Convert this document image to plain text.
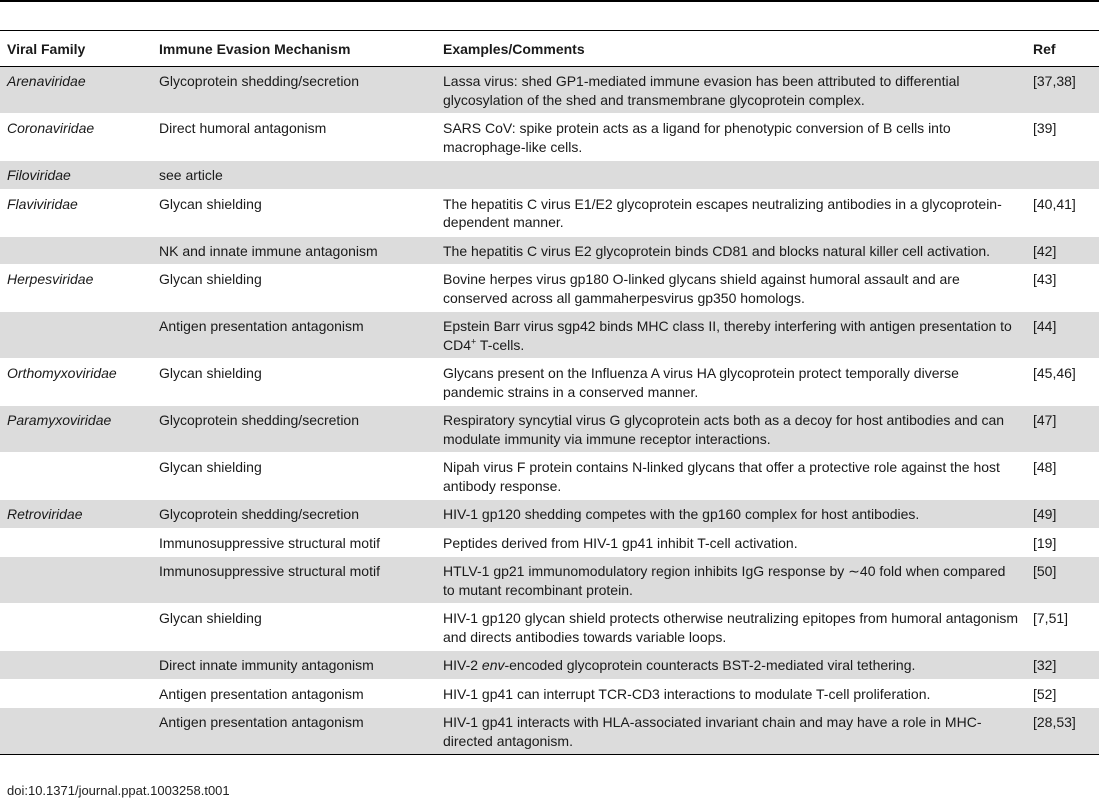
Viral Family	Immune Evasion Mechanism	Examples/Comments	Ref
Arenaviridae	Glycoprotein shedding/secretion	Lassa virus: shed GP1-mediated immune evasion has been attributed to differential glycosylation of the shed and transmembrane glycoprotein complex.	[37,38]
Coronaviridae	Direct humoral antagonism	SARS CoV: spike protein acts as a ligand for phenotypic conversion of B cells into macrophage-like cells.	[39]
Filoviridae	see article		
Flaviviridae	Glycan shielding	The hepatitis C virus E1/E2 glycoprotein escapes neutralizing antibodies in a glycoprotein-dependent manner.	[40,41]
	NK and innate immune antagonism	The hepatitis C virus E2 glycoprotein binds CD81 and blocks natural killer cell activation.	[42]
Herpesviridae	Glycan shielding	Bovine herpes virus gp180 O-linked glycans shield against humoral assault and are conserved across all gammaherpesvirus gp350 homologs.	[43]
	Antigen presentation antagonism	Epstein Barr virus sgp42 binds MHC class II, thereby interfering with antigen presentation to CD4+ T-cells.	[44]
Orthomyxoviridae	Glycan shielding	Glycans present on the Influenza A virus HA glycoprotein protect temporally diverse pandemic strains in a conserved manner.	[45,46]
Paramyxoviridae	Glycoprotein shedding/secretion	Respiratory syncytial virus G glycoprotein acts both as a decoy for host antibodies and can modulate immunity via immune receptor interactions.	[47]
	Glycan shielding	Nipah virus F protein contains N-linked glycans that offer a protective role against the host antibody response.	[48]
Retroviridae	Glycoprotein shedding/secretion	HIV-1 gp120 shedding competes with the gp160 complex for host antibodies.	[49]
	Immunosuppressive structural motif	Peptides derived from HIV-1 gp41 inhibit T-cell activation.	[19]
	Immunosuppressive structural motif	HTLV-1 gp21 immunomodulatory region inhibits IgG response by ∼40 fold when compared to mutant recombinant protein.	[50]
	Glycan shielding	HIV-1 gp120 glycan shield protects otherwise neutralizing epitopes from humoral antagonism and directs antibodies towards variable loops.	[7,51]
	Direct innate immunity antagonism	HIV-2 env-encoded glycoprotein counteracts BST-2-mediated viral tethering.	[32]
	Antigen presentation antagonism	HIV-1 gp41 can interrupt TCR-CD3 interactions to modulate T-cell proliferation.	[52]
	Antigen presentation antagonism	HIV-1 gp41 interacts with HLA-associated invariant chain and may have a role in MHC-directed antagonism.	[28,53]
doi:10.1371/journal.ppat.1003258.t001
